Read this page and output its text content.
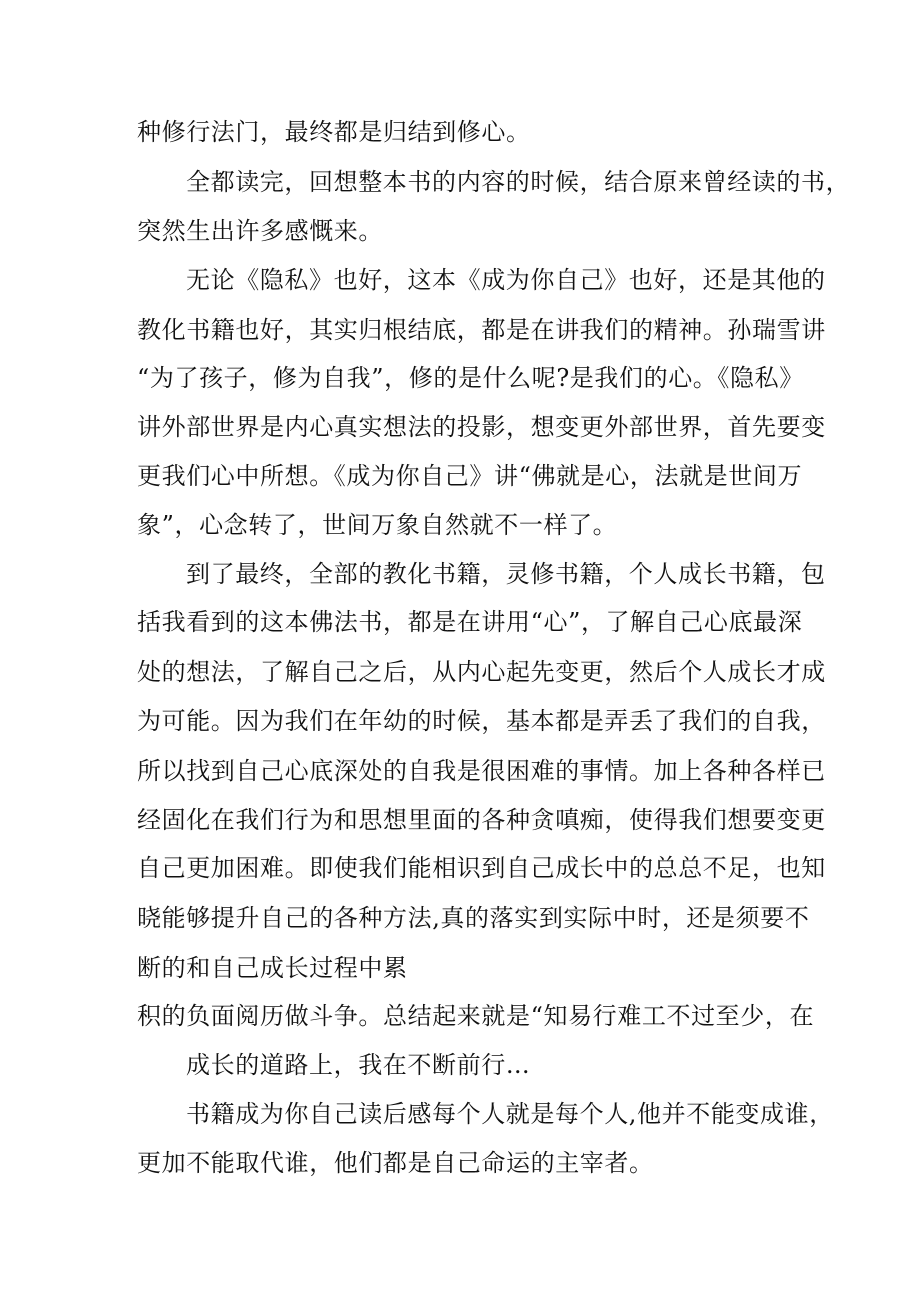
种修行法门，最终都是归结到修心。
全都读完，回想整本书的内容的时候，结合原来曾经读的书，
突然生出许多感慨来。
无论《隐私》也好，这本《成为你自己》也好，还是其他的
教化书籍也好，其实归根结底，都是在讲我们的精神。孙瑞雪讲
“为了孩子，修为自我”，修的是什么呢?是我们的心。《隐私》
讲外部世界是内心真实想法的投影，想变更外部世界，首先要变
更我们心中所想。《成为你自己》讲“佛就是心，法就是世间万
象”，心念转了，世间万象自然就不一样了。
到了最终，全部的教化书籍，灵修书籍，个人成长书籍，包
括我看到的这本佛法书，都是在讲用“心”，了解自己心底最深
处的想法，了解自己之后，从内心起先变更，然后个人成长才成
为可能。因为我们在年幼的时候，基本都是弄丢了我们的自我，
所以找到自己心底深处的自我是很困难的事情。加上各种各样已
经固化在我们行为和思想里面的各种贪嗔痴，使得我们想要变更
自己更加困难。即使我们能相识到自己成长中的总总不足，也知
晓能够提升自己的各种方法,真的落实到实际中时，还是须要不
断的和自己成长过程中累
积的负面阅历做斗争。总结起来就是“知易行难工不过至少，在
成长的道路上，我在不断前行…
书籍成为你自己读后感每个人就是每个人,他并不能变成谁，
更加不能取代谁，他们都是自己命运的主宰者。
